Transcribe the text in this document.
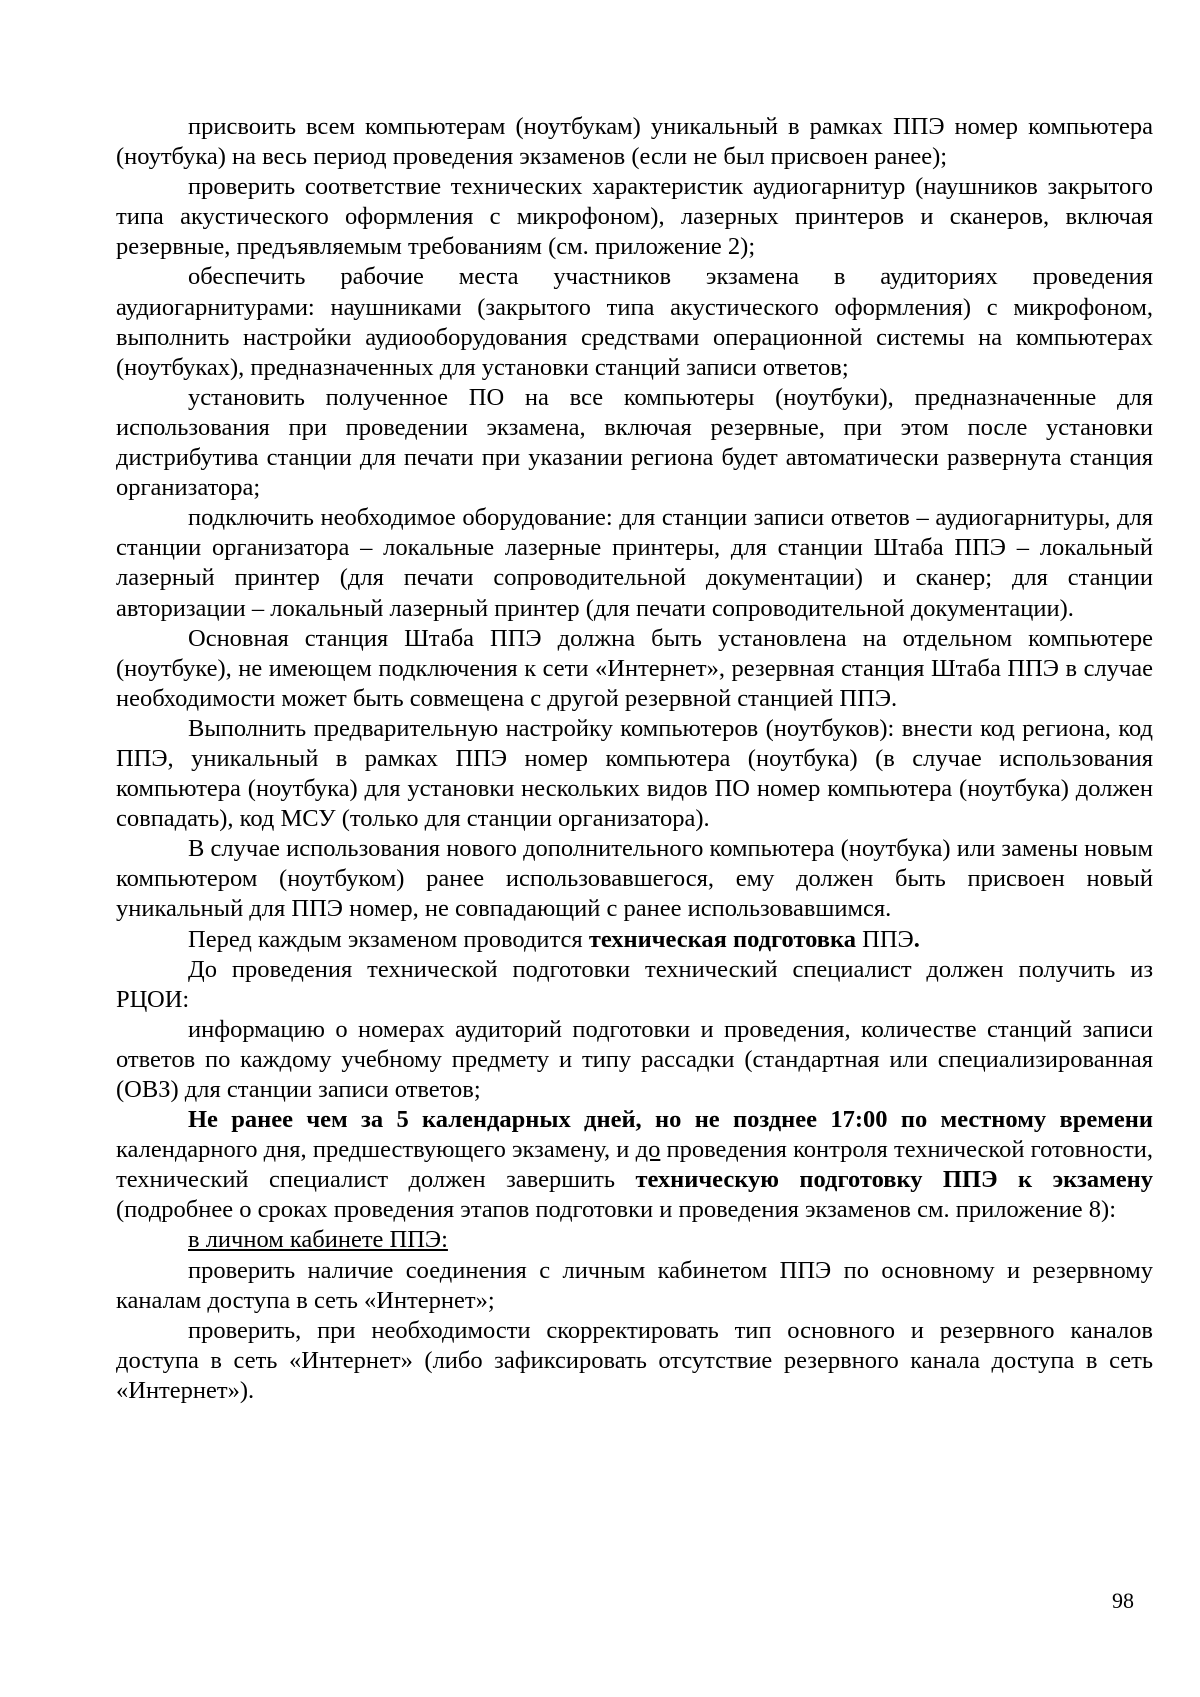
присвоить всем компьютерам (ноутбукам) уникальный в рамках ППЭ номер компьютера (ноутбука) на весь период проведения экзаменов (если не был присвоен ранее);

проверить соответствие технических характеристик аудиогарнитур (наушников закрытого типа акустического оформления с микрофоном), лазерных принтеров и сканеров, включая резервные, предъявляемым требованиям (см. приложение 2);

обеспечить рабочие места участников экзамена в аудиториях проведения аудиогарнитурами: наушниками (закрытого типа акустического оформления) с микрофоном, выполнить настройки аудиооборудования средствами операционной системы на компьютерах (ноутбуках), предназначенных для установки станций записи ответов;

установить полученное ПО на все компьютеры (ноутбуки), предназначенные для использования при проведении экзамена, включая резервные, при этом после установки дистрибутива станции для печати при указании региона будет автоматически развернута станция организатора;

подключить необходимое оборудование: для станции записи ответов – аудиогарнитуры, для станции организатора – локальные лазерные принтеры, для станции Штаба ППЭ – локальный лазерный принтер (для печати сопроводительной документации) и сканер; для станции авторизации – локальный лазерный принтер (для печати сопроводительной документации).

Основная станция Штаба ППЭ должна быть установлена на отдельном компьютере (ноутбуке), не имеющем подключения к сети «Интернет», резервная станция Штаба ППЭ в случае необходимости может быть совмещена с другой резервной станцией ППЭ.

Выполнить предварительную настройку компьютеров (ноутбуков): внести код региона, код ППЭ, уникальный в рамках ППЭ номер компьютера (ноутбука) (в случае использования компьютера (ноутбука) для установки нескольких видов ПО номер компьютера (ноутбука) должен совпадать), код МСУ (только для станции организатора).

В случае использования нового дополнительного компьютера (ноутбука) или замены новым компьютером (ноутбуком) ранее использовавшегося, ему должен быть присвоен новый уникальный для ППЭ номер, не совпадающий с ранее использовавшимся.

Перед каждым экзаменом проводится техническая подготовка ППЭ.

До проведения технической подготовки технический специалист должен получить из РЦОИ:

информацию о номерах аудиторий подготовки и проведения, количестве станций записи ответов по каждому учебному предмету и типу рассадки (стандартная или специализированная (ОВЗ) для станции записи ответов;

Не ранее чем за 5 календарных дней, но не позднее 17:00 по местному времени календарного дня, предшествующего экзамену, и до проведения контроля технической готовности, технический специалист должен завершить техническую подготовку ППЭ к экзамену (подробнее о сроках проведения этапов подготовки и проведения экзаменов см. приложение 8):

в личном кабинете ППЭ:

проверить наличие соединения с личным кабинетом ППЭ по основному и резервному каналам доступа в сеть «Интернет»;

проверить, при необходимости скорректировать тип основного и резервного каналов доступа в сеть «Интернет» (либо зафиксировать отсутствие резервного канала доступа в сеть «Интернет»).

98
